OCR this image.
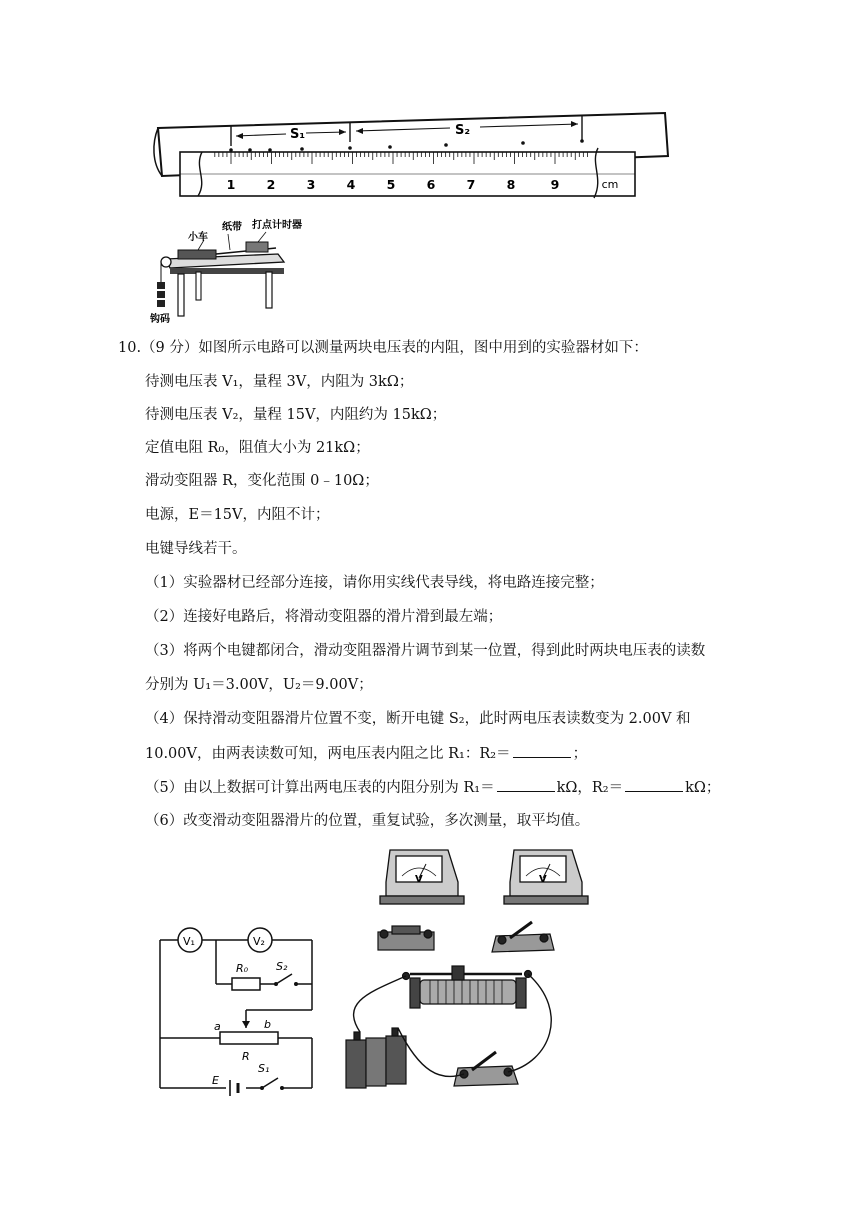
S₁	S₂
1	2	3	4	5	6	7	8	9	cm
小车
纸带 打点计时器
钩码
10.（9 分）如图所示电路可以测量两块电压表的内阻，图中用到的实验器材如下：
待测电压表 V₁，量程 3V，内阻为 3kΩ；
待测电压表 V₂，量程 15V，内阻约为 15kΩ；
定值电阻 R₀，阻值大小为 21kΩ；
滑动变阻器 R，变化范围 0﹣10Ω；
电源，E＝15V，内阻不计；
电键导线若干。
（1）实验器材已经部分连接，请你用实线代表导线，将电路连接完整；
（2）连接好电路后，将滑动变阻器的滑片滑到最左端；
（3）将两个电键都闭合，滑动变阻器滑片调节到某一位置，得到此时两块电压表的读数
分别为 U₁＝3.00V，U₂＝9.00V；
（4）保持滑动变阻器滑片位置不变，断开电键 S₂，此时两电压表读数变为 2.00V 和
10.00V，由两表读数可知，两电压表内阻之比 R₁：R₂＝	；
（5）由以上数据可计算出两电压表的内阻分别为 R₁＝	kΩ，R₂＝	kΩ；
（6）改变滑动变阻器滑片的位置，重复试验，多次测量，取平均值。
V₁	V₂
R₀	S₂
a	b
R
E
S₁
V	V
